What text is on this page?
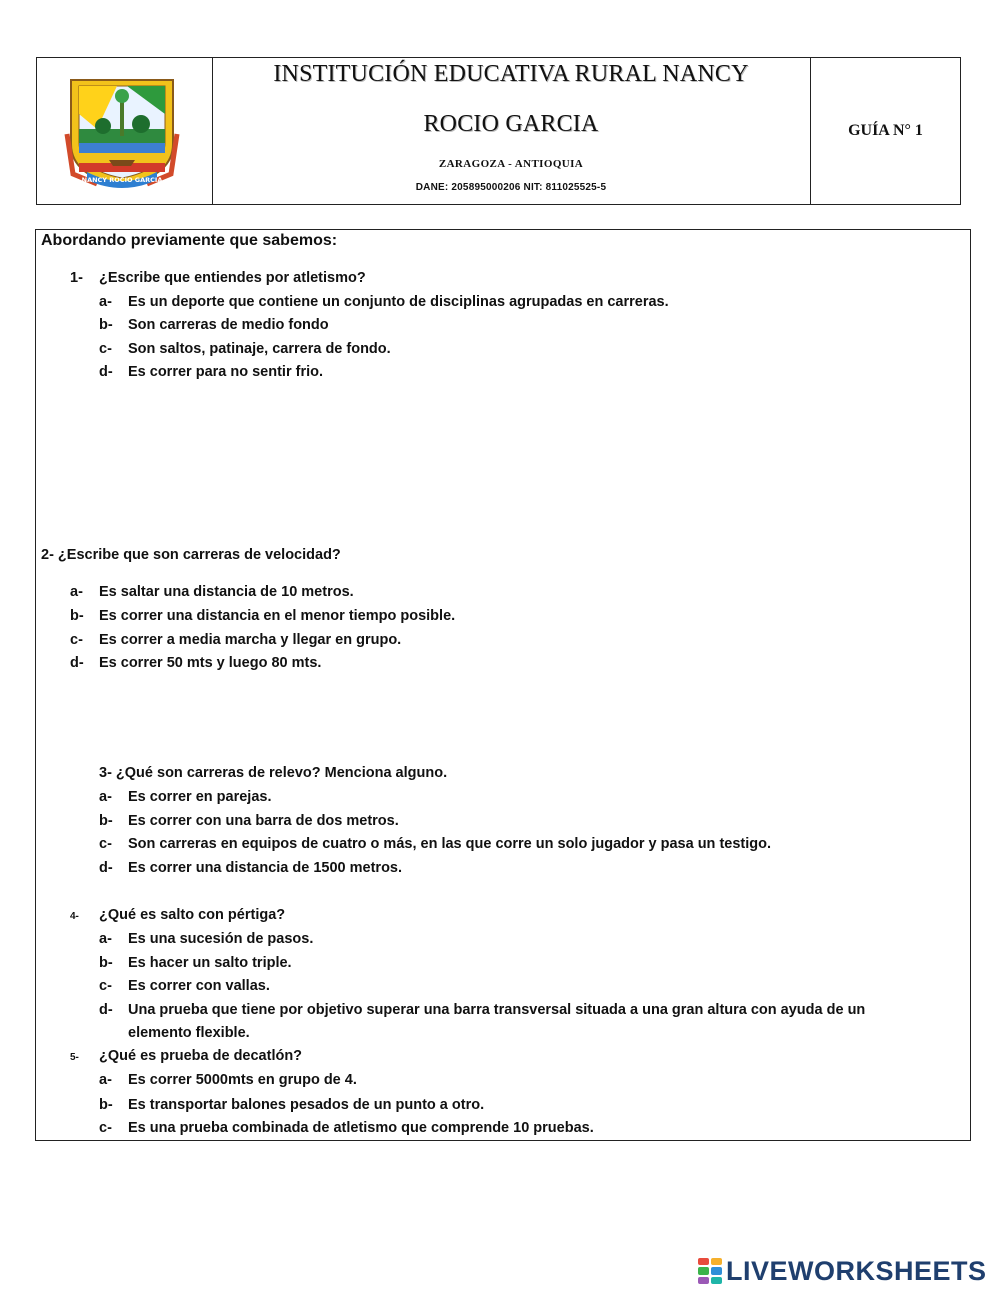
NANCY ROCIO GARCIA
INSTITUCIÓN EDUCATIVA RURAL NANCY
ROCIO GARCIA
ZARAGOZA - ANTIOQUIA
DANE: 205895000206 NIT: 811025525-5
GUÍA N° 1
Abordando previamente que sabemos:
1- ¿Escribe que entiendes por atletismo?
a- Es un deporte que contiene un conjunto de disciplinas agrupadas en carreras.
b- Son carreras de medio fondo
c- Son saltos, patinaje, carrera de fondo.
d- Es correr para no sentir frio.
2- ¿Escribe que son carreras de velocidad?
a- Es saltar una distancia de 10 metros.
b- Es correr una distancia en el menor tiempo posible.
c- Es correr a media marcha y llegar en grupo.
d- Es correr 50 mts y luego 80 mts.
3- ¿Qué son carreras de relevo? Menciona alguno.
a- Es correr en parejas.
b- Es correr con una barra de dos metros.
c- Son carreras en equipos de cuatro o más, en las que corre un solo jugador y pasa un testigo.
d- Es correr una distancia de 1500 metros.
4- ¿Qué es salto con pértiga?
a- Es una sucesión de pasos.
b- Es hacer un salto triple.
c- Es correr con vallas.
d- Una prueba que tiene por objetivo superar una barra transversal situada a una gran altura con ayuda de un
elemento flexible.
5- ¿Qué es prueba de decatlón?
a- Es correr 5000mts en grupo de 4.
b- Es transportar balones pesados de un punto a otro.
c- Es una prueba combinada de atletismo que comprende 10 pruebas.
LIVEWORKSHEETS
